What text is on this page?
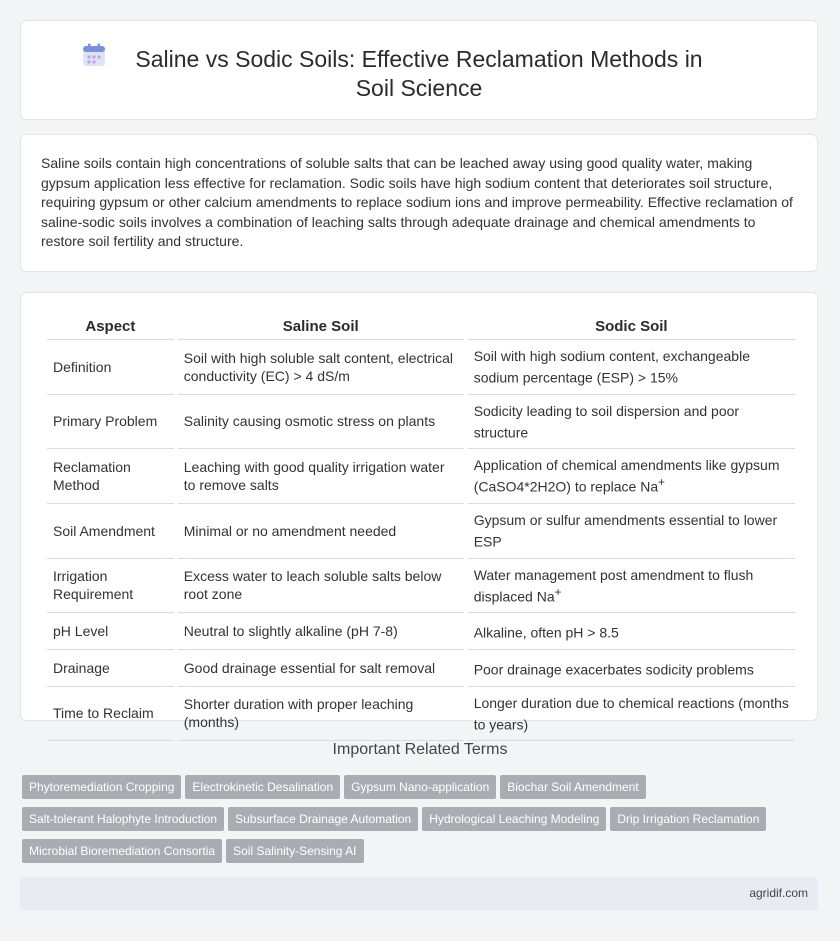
Saline vs Sodic Soils: Effective Reclamation Methods in Soil Science

Saline soils contain high concentrations of soluble salts that can be leached away using good quality water, making gypsum application less effective for reclamation. Sodic soils have high sodium content that deteriorates soil structure, requiring gypsum or other calcium amendments to replace sodium ions and improve permeability. Effective reclamation of saline-sodic soils involves a combination of leaching salts through adequate drainage and chemical amendments to restore soil fertility and structure.

Aspect	Saline Soil	Sodic Soil
Definition	Soil with high soluble salt content, electrical conductivity (EC) > 4 dS/m	Soil with high sodium content, exchangeable sodium percentage (ESP) > 15%
Primary Problem	Salinity causing osmotic stress on plants	Sodicity leading to soil dispersion and poor structure
Reclamation Method	Leaching with good quality irrigation water to remove salts	Application of chemical amendments like gypsum (CaSO4*2H2O) to replace Na+
Soil Amendment	Minimal or no amendment needed	Gypsum or sulfur amendments essential to lower ESP
Irrigation Requirement	Excess water to leach soluble salts below root zone	Water management post amendment to flush displaced Na+
pH Level	Neutral to slightly alkaline (pH 7-8)	Alkaline, often pH > 8.5
Drainage	Good drainage essential for salt removal	Poor drainage exacerbates sodicity problems
Time to Reclaim	Shorter duration with proper leaching (months)	Longer duration due to chemical reactions (months to years)
Important Related Terms
Phytoremediation Cropping Electrokinetic Desalination Gypsum Nano-application Biochar Soil AmendmentSalt-tolerant Halophyte Introduction Subsurface Drainage Automation Hydrological Leaching Modeling Drip Irrigation ReclamationMicrobial Bioremediation Consortia Soil Salinity-Sensing AI
agridif.com
